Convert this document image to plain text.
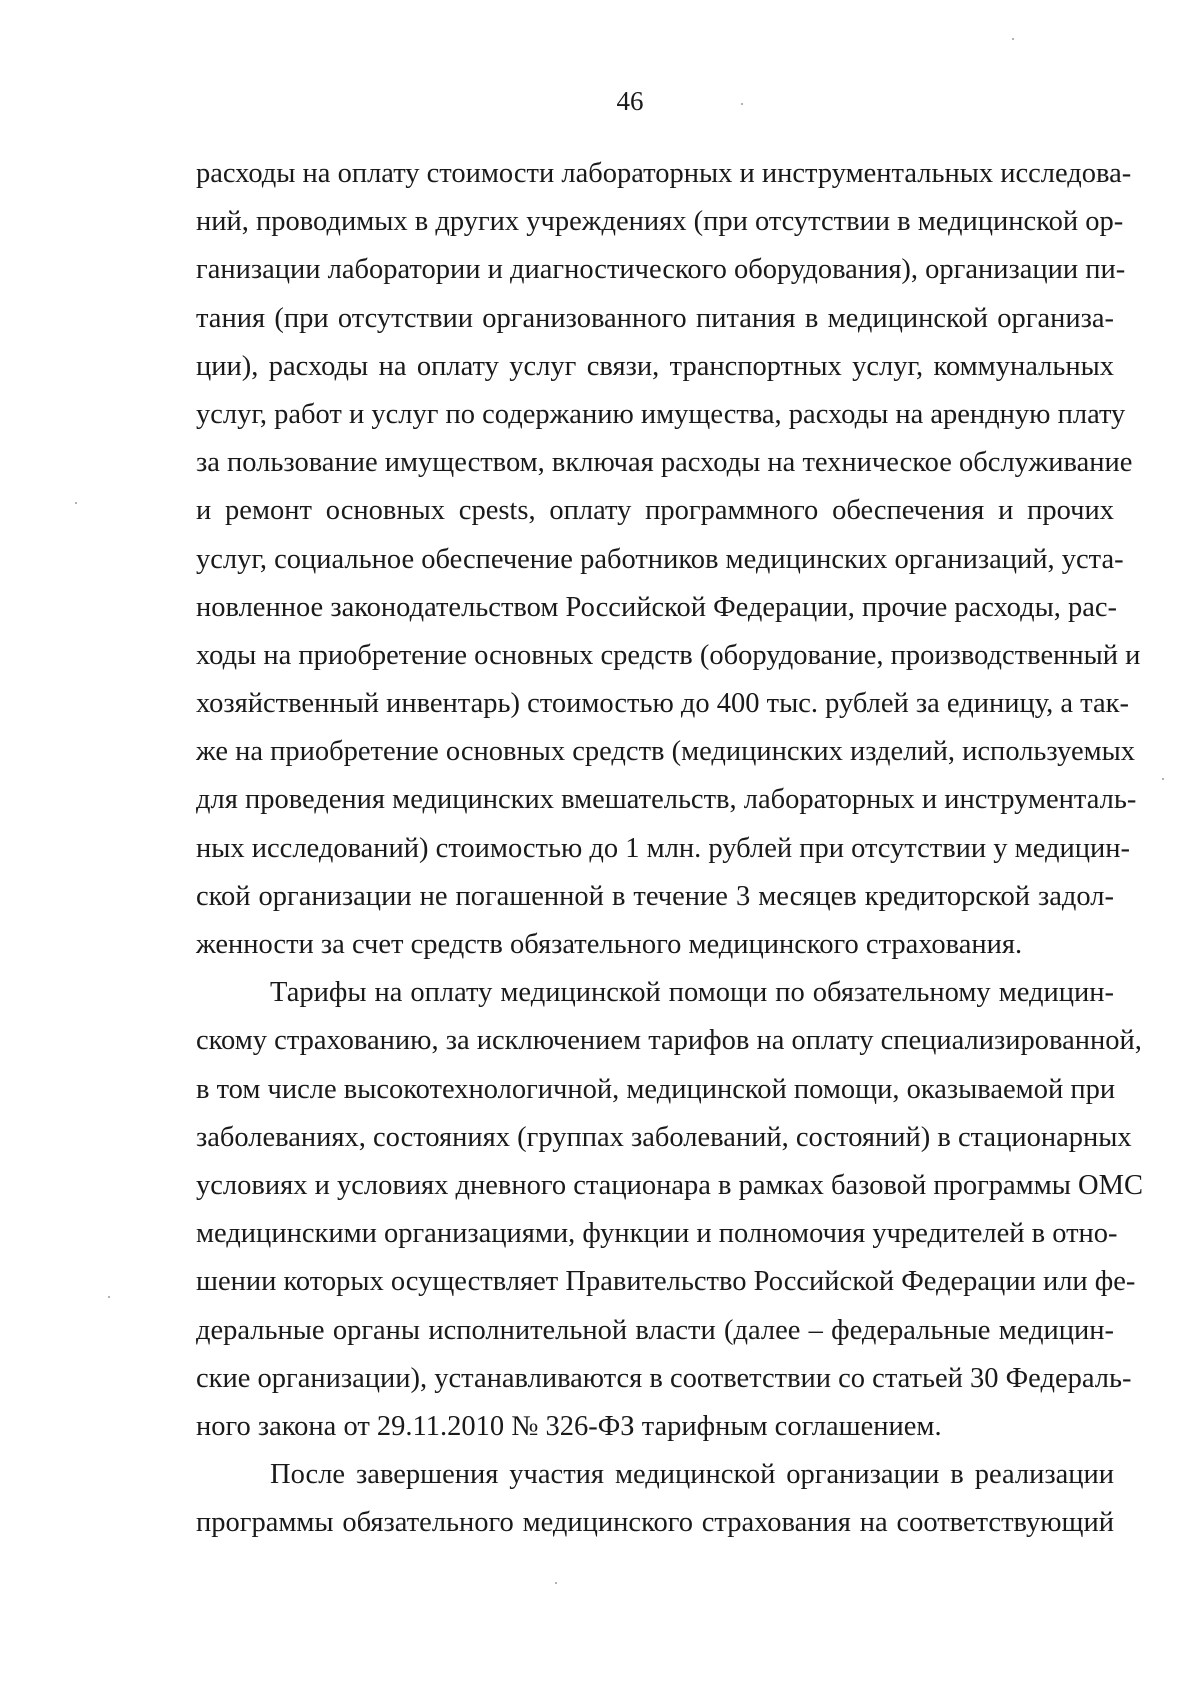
46
расходы на оплату стоимости лабораторных и инструментальных исследова-
ний, проводимых в других учреждениях (при отсутствии в медицинской ор-
ганизации лаборатории и диагностического оборудования), организации пи-
тания (при отсутствии организованного питания в медицинской организа-
ции), расходы на оплату услуг связи, транспортных услуг, коммунальных
услуг, работ и услуг по содержанию имущества, расходы на арендную плату
за пользование имуществом, включая расходы на техническое обслуживание
и ремонт основных срests, оплату программного обеспечения и прочих
услуг, социальное обеспечение работников медицинских организаций, уста-
новленное законодательством Российской Федерации, прочие расходы, рас-
ходы на приобретение основных средств (оборудование, производственный и
хозяйственный инвентарь) стоимостью до 400 тыс. рублей за единицу, а так-
же на приобретение основных средств (медицинских изделий, используемых
для проведения медицинских вмешательств, лабораторных и инструменталь-
ных исследований) стоимостью до 1 млн. рублей при отсутствии у медицин-
ской организации не погашенной в течение 3 месяцев кредиторской задол-
женности за счет средств обязательного медицинского страхования.
Тарифы на оплату медицинской помощи по обязательному медицин-
скому страхованию, за исключением тарифов на оплату специализированной,
в том числе высокотехнологичной, медицинской помощи, оказываемой при
заболеваниях, состояниях (группах заболеваний, состояний) в стационарных
условиях и условиях дневного стационара в рамках базовой программы ОМС
медицинскими организациями, функции и полномочия учредителей в отно-
шении которых осуществляет Правительство Российской Федерации или фе-
деральные органы исполнительной власти (далее – федеральные медицин-
ские организации), устанавливаются в соответствии со статьей 30 Федераль-
ного закона от 29.11.2010 № 326-ФЗ тарифным соглашением.
После завершения участия медицинской организации в реализации
программы обязательного медицинского страхования на соответствующий
